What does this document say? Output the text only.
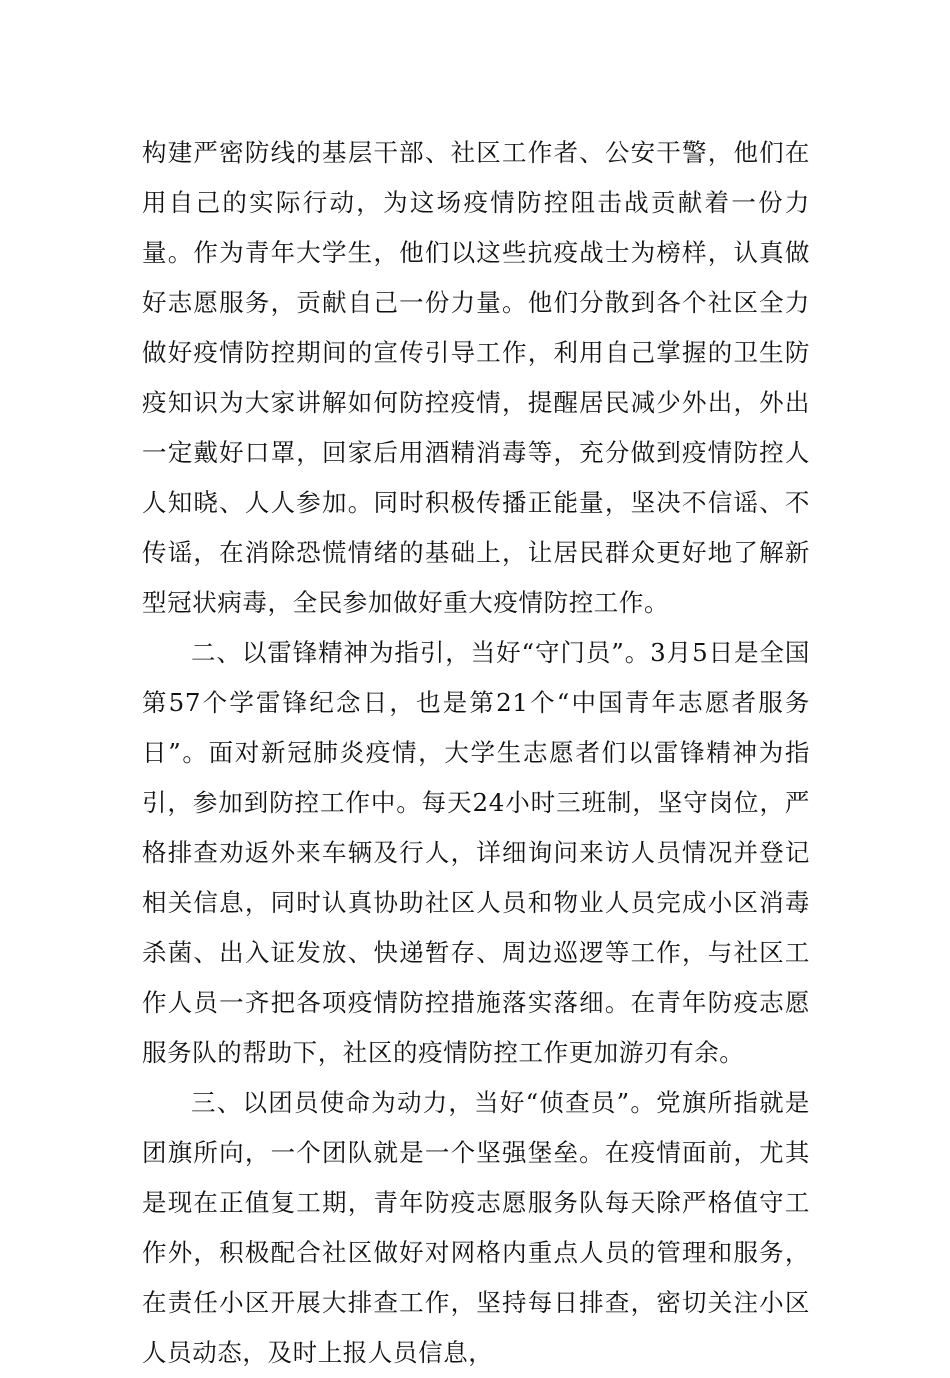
构建严密防线的基层干部、社区工作者、公安干警，他们在用自己的实际行动，为这场疫情防控阻击战贡献着一份力量。作为青年大学生，他们以这些抗疫战士为榜样，认真做好志愿服务，贡献自己一份力量。他们分散到各个社区全力做好疫情防控期间的宣传引导工作，利用自己掌握的卫生防疫知识为大家讲解如何防控疫情，提醒居民减少外出，外出一定戴好口罩，回家后用酒精消毒等，充分做到疫情防控人人知晓、人人参加。同时积极传播正能量，坚决不信谣、不传谣，在消除恐慌情绪的基础上，让居民群众更好地了解新型冠状病毒，全民参加做好重大疫情防控工作。

二、以雷锋精神为指引，当好“守门员”。3月5日是全国第57个学雷锋纪念日，也是第21个“中国青年志愿者服务日”。面对新冠肺炎疫情，大学生志愿者们以雷锋精神为指引，参加到防控工作中。每天24小时三班制，坚守岗位，严格排查劝返外来车辆及行人，详细询问来访人员情况并登记相关信息，同时认真协助社区人员和物业人员完成小区消毒杀菌、出入证发放、快递暂存、周边巡逻等工作，与社区工作人员一齐把各项疫情防控措施落实落细。在青年防疫志愿服务队的帮助下，社区的疫情防控工作更加游刃有余。

三、以团员使命为动力，当好“侦查员”。党旗所指就是团旗所向，一个团队就是一个坚强堡垒。在疫情面前，尤其是现在正值复工期，青年防疫志愿服务队每天除严格值守工作外，积极配合社区做好对网格内重点人员的管理和服务，在责任小区开展大排查工作，坚持每日排查，密切关注小区人员动态，及时上报人员信息，
